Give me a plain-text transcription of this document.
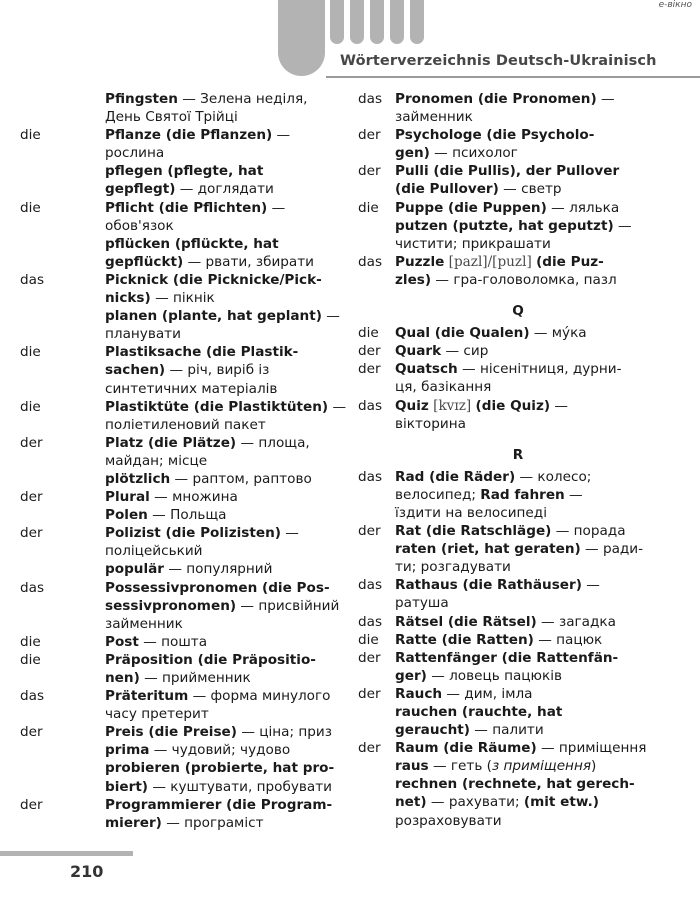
e-вікно
Wörterverzeichnis Deutsch-Ukrainisch
Pfingsten — Зелена неділя,
День Святої Трійці
die	Pflanze (die Pflanzen) —
рослина
pflegen (pflegte, hat
gepflegt) — доглядати
die	Pflicht (die Pflichten) —
обов'язок
pflücken (pflückte, hat
gepflückt) — рвати, збирати
das	Picknick (die Picknicke/Pick-
nicks) — пікнік
planen (plante, hat geplant) —
планувати
die	Plastiksache (die Plastik-
sachen) — річ, виріб із
синтетичних матеріалів
die	Plastiktüte (die Plastiktüten) —
поліетиленовий пакет
der	Platz (die Plätze) — площа,
майдан; місце
plötzlich — раптом, раптово
der	Plural — множина
Polen — Польща
der	Polizist (die Polizisten) —
поліцейський
populär — популярний
das	Possessivpronomen (die Pos-
sessivpronomen) — присвійний
займенник
die	Post — пошта
die	Präposition (die Präpositio-
nen) — прийменник
das	Präteritum — форма минулого
часу претерит
der	Preis (die Preise) — ціна; приз
prima — чудовий; чудово
probieren (probierte, hat pro-
biert) — куштувати, пробувати
der	Programmierer (die Program-
mierer) — програміст
das Pronomen (die Pronomen) —
займенник
der	Psychologe (die Psycholo-
gen) — психолог
der	Pulli (die Pullis), der Pullover
(die Pullover) — светр
die	Puppe (die Puppen) — лялька
putzen (putzte, hat geputzt) —
чистити; прикрашати
das Puzzle [pazl]/[puzl] (die Puz-
zles) — гра-головоломка, пазл
Q
die	Qual (die Qualen) — му́ка
der	Quark — сир
der	Quatsch — нісенітниця, дурни-
ця, базікання
das Quiz [kvɪz] (die Quiz) —
вікторина
R
das Rad (die Räder) — колесо;
велосипед; Rad fahren —
їздити на велосипеді
der	Rat (die Ratschläge) — порада
raten (riet, hat geraten) — ради-
ти; розгадувати
das Rathaus (die Rathäuser) —
ратуша
das Rätsel (die Rätsel) — загадка
die	Ratte (die Ratten) — пацюк
der	Rattenfänger (die Rattenfän-
ger) — ловець пацюків
der	Rauch — дим, імла
rauchen (rauchte, hat
geraucht) — палити
der	Raum (die Räume) — приміщення
raus — геть (з приміщення)
rechnen (rechnete, hat gerech-
net) — рахувати; (mit etw.)
розраховувати
210
